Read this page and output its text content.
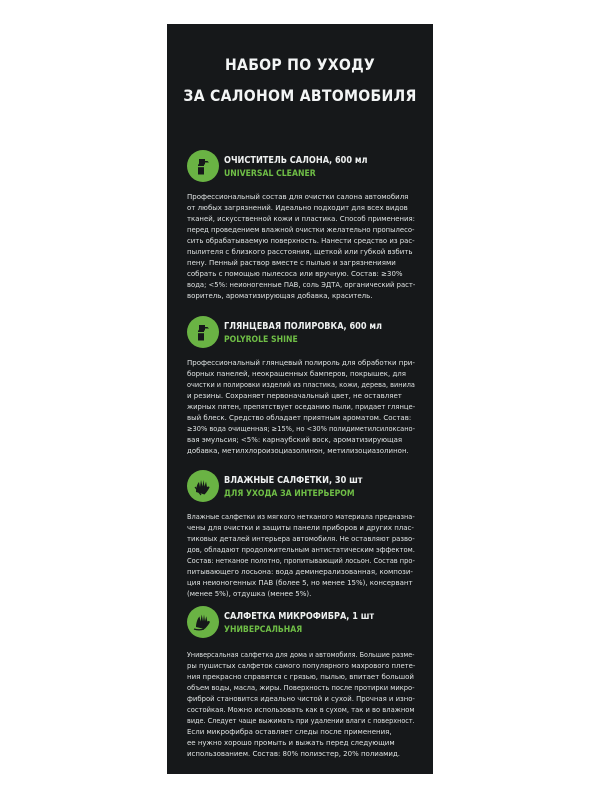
НАБОР ПО УХОДУ
ЗА САЛОНОМ АВТОМОБИЛЯ
ОЧИСТИТЕЛЬ САЛОНА, 600 мл
UNIVERSAL CLEANER
Профессиональный состав для очистки салона автомобиля
от любых загрязнений. Идеально подходит для всех видов
тканей, искусственной кожи и пластика. Способ применения:
перед проведением влажной очистки желательно пропылесо-
сить обрабатываемую поверхность. Нанести средство из рас-
пылителя с близкого расстояния, щеткой или губкой взбить
пену. Пенный раствор вместе с пылью и загрязнениями
собрать с помощью пылесоса или вручную. Состав: ≥30%
вода; <5%: неионогенные ПАВ, соль ЭДТА, органический раст-
воритель, ароматизирующая добавка, краситель.
ГЛЯНЦЕВАЯ ПОЛИРОВКА, 600 мл
POLYROLE SHINE
Профессиональный глянцевый полироль для обработки при-
борных панелей, неокрашенных бамперов, покрышек, для
очистки и полировки изделий из пластика, кожи, дерева, винила
и резины. Сохраняет первоначальный цвет, не оставляет
жирных пятен, препятствует оседанию пыли, придает глянце-
вый блеск. Средство обладает приятным ароматом. Состав:
≥30% вода очищенная; ≥15%, но <30% полидиметилсилоксано-
вая эмульсия; <5%: карнаубский воск, ароматизирующая
добавка, метилхлороизоциазолинон, метилизоциазолинон.
ВЛАЖНЫЕ САЛФЕТКИ, 30 шт
ДЛЯ УХОДА ЗА ИНТЕРЬЕРОМ
Влажные салфетки из мягкого нетканого материала предназна-
чены для очистки и защиты панели приборов и других плас-
тиковых деталей интерьера автомобиля. Не оставляют разво-
дов, обладают продолжительным антистатическим эффектом.
Состав: нетканое полотно, пропитывающий лосьон. Состав про-
питывающего лосьона: вода деминерализованная, компози-
ция неионогенных ПАВ (более 5, но менее 15%), консервант
(менее 5%), отдушка (менее 5%).
САЛФЕТКА МИКРОФИБРА, 1 шт
УНИВЕРСАЛЬНАЯ
Универсальная салфетка для дома и автомобиля. Большие разме-
ры пушистых салфеток самого популярного махрового плете-
ния прекрасно справятся с грязью, пылью, впитает большой
объем воды, масла, жиры. Поверхность после протирки микро-
фиброй становится идеально чистой и сухой. Прочная и изно-
состойкая. Можно использовать как в сухом, так и во влажном
виде. Следует чаще выжимать при удалении влаги с поверхност.
Если микрофибра оставляет следы после применения,
ее нужно хорошо промыть и выжать перед следующим
использованием. Состав: 80% полиэстер, 20% полиамид.
